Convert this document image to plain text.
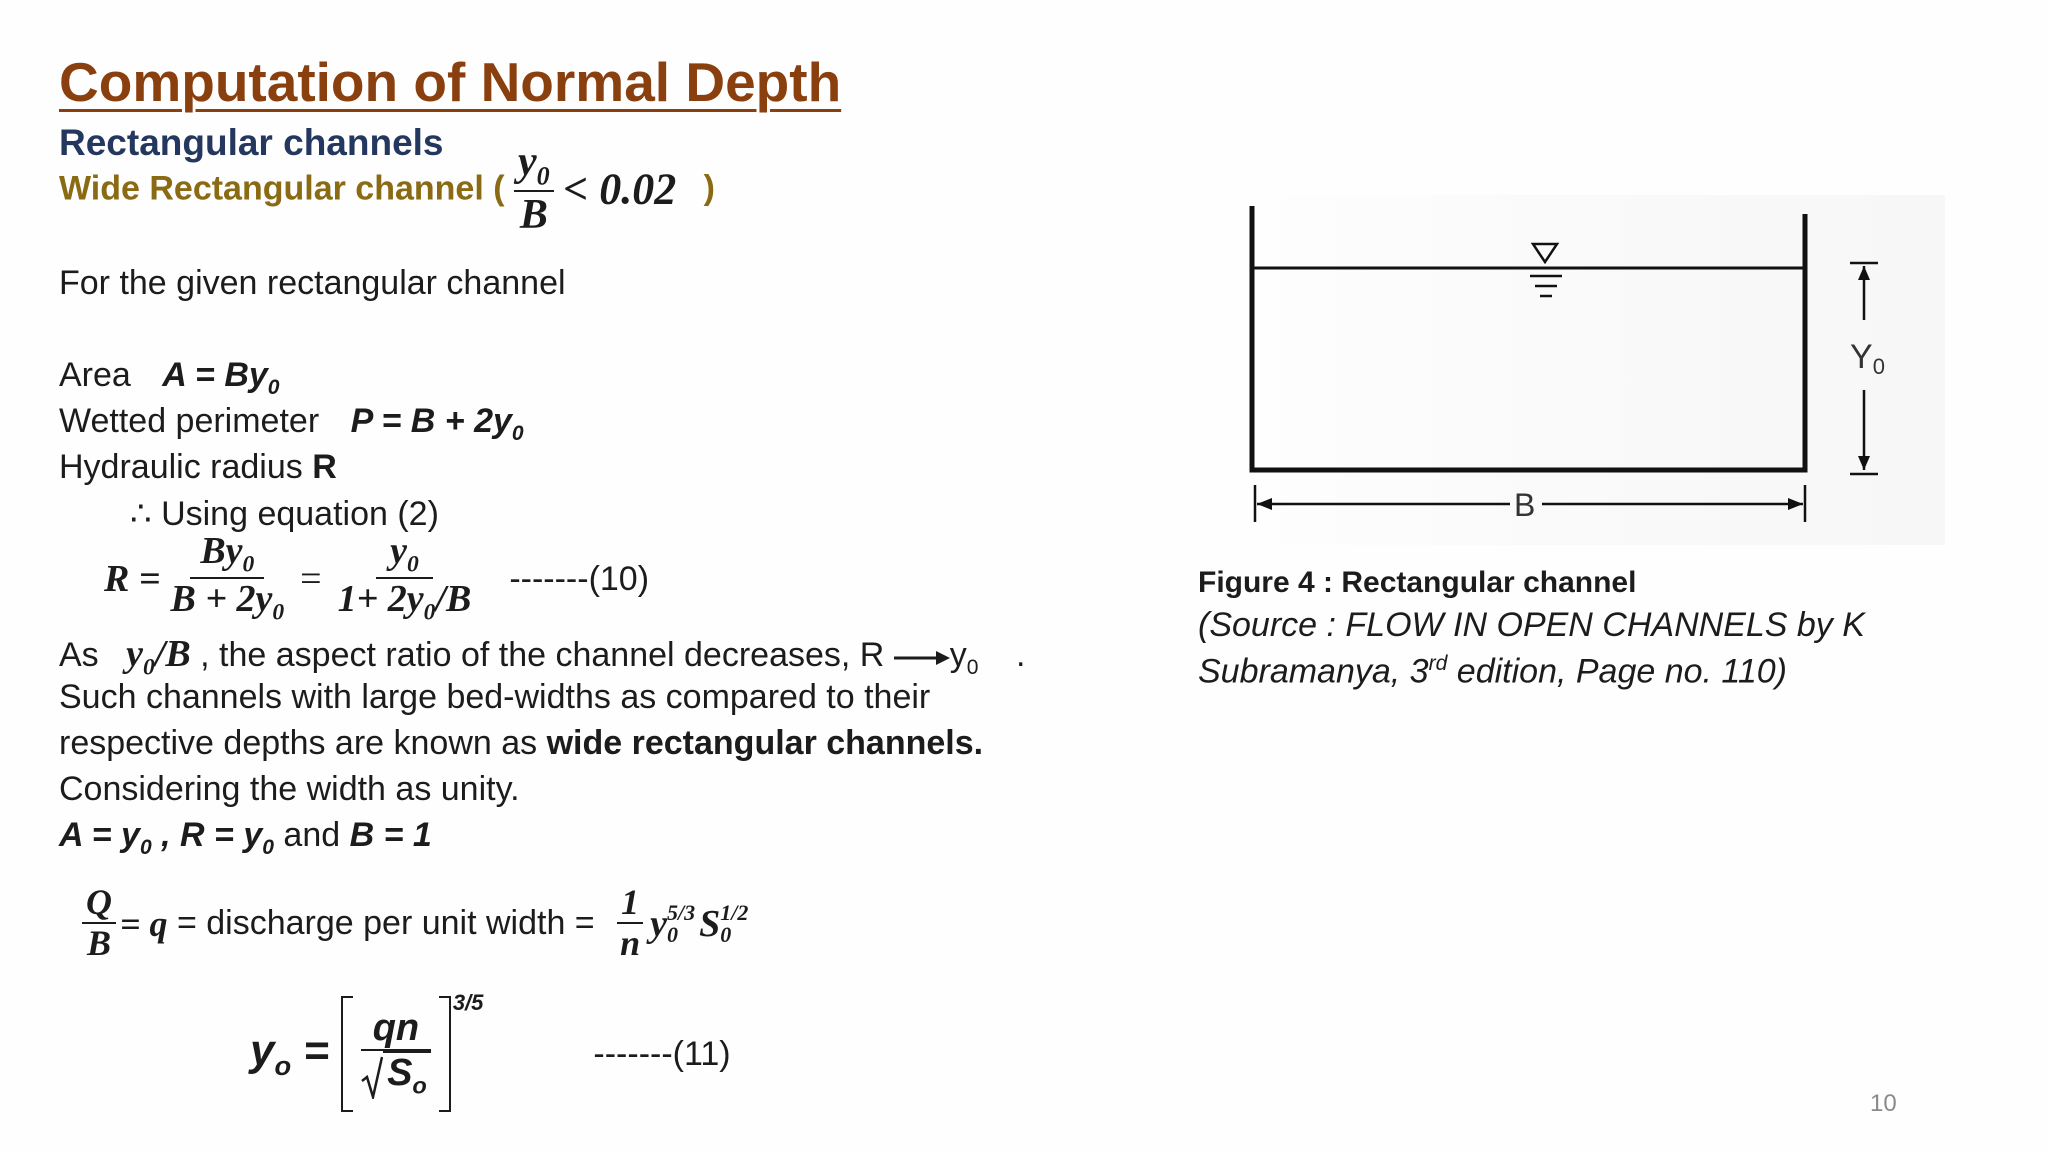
Computation of Normal Depth
Rectangular channels
Wide Rectangular channel ( $\frac{y_0}{B} < 0.02$ )
For the given rectangular channel
Area $A = By_0$
Wetted perimeter $P = B + 2y_0$
Hydraulic radius R
∴ Using equation (2)
$R = \frac{By_0}{B + 2y_0} = \frac{y_0}{1+ 2y_0/B} -------(10)$
As $y_0/B$ , the aspect ratio of the channel decreases, R $y_0$ .
Such channels with large bed-widths as compared to their
respective depths are known as wide rectangular channels.
Considering the width as unity.
$A = y_0$ , $R = y_0$ and B = 1
$\frac{Q}{B} = q$ = discharge per unit width = $\frac{1}{n}$ y 5/3
0 S 1/2
0
$y_o = \frac{qn}{S_o}$
3/5
-------(11)
Y0
B
Figure 4 : Rectangular channel
(Source : FLOW IN OPEN CHANNELS by K
Subramanya, 3rd edition, Page no. 110)
10
